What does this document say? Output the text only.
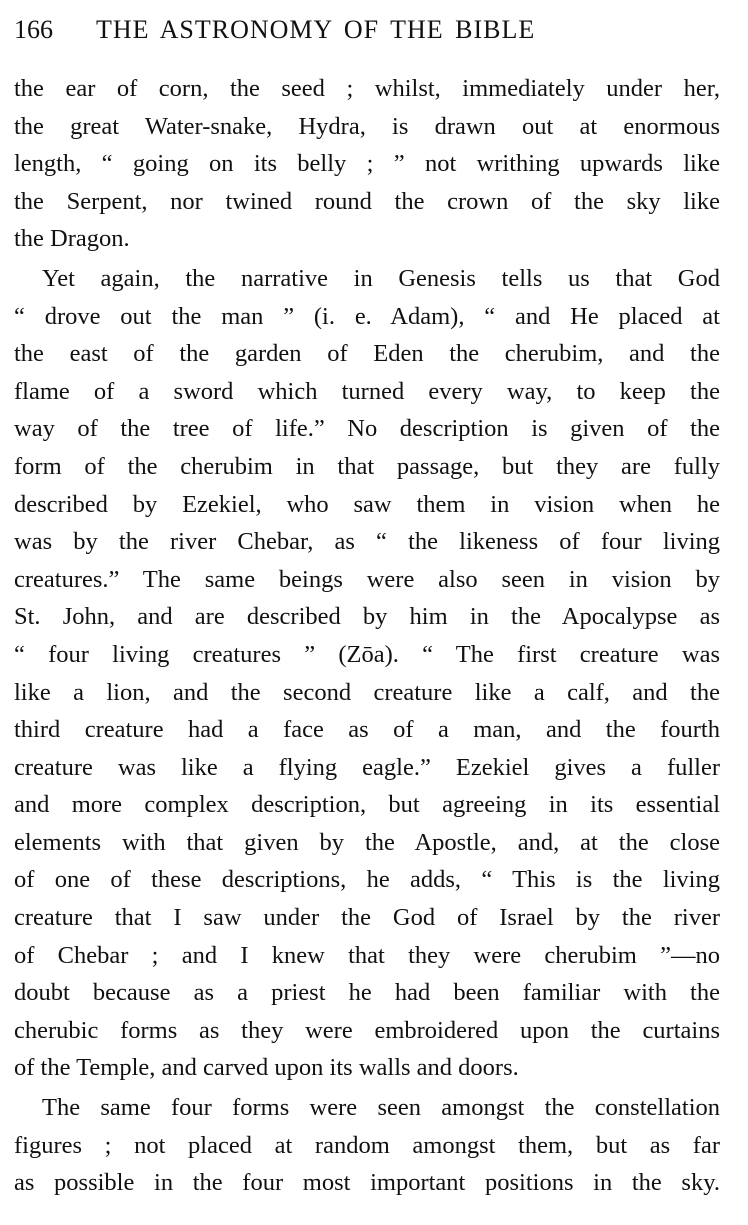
166	THE ASTRONOMY OF THE BIBLE
the ear of corn, the seed ; whilst, immediately under her,
the great Water-snake, Hydra, is drawn out at enormous
length, “ going on its belly ; ” not writhing upwards like
the Serpent, nor twined round the crown of the sky like
the Dragon.
Yet again, the narrative in Genesis tells us that God
“ drove out the man ” (i. e. Adam), “ and He placed at
the east of the garden of Eden the cherubim, and the
flame of a sword which turned every way, to keep the
way of the tree of life.” No description is given of the
form of the cherubim in that passage, but they are fully
described by Ezekiel, who saw them in vision when he
was by the river Chebar, as “ the likeness of four living
creatures.” The same beings were also seen in vision by
St. John, and are described by him in the Apocalypse as
“ four living creatures ” (Zōa). “ The first creature was
like a lion, and the second creature like a calf, and the
third creature had a face as of a man, and the fourth
creature was like a flying eagle.” Ezekiel gives a fuller
and more complex description, but agreeing in its essential
elements with that given by the Apostle, and, at the close
of one of these descriptions, he adds, “ This is the living
creature that I saw under the God of Israel by the river
of Chebar ; and I knew that they were cherubim ”—no
doubt because as a priest he had been familiar with the
cherubic forms as they were embroidered upon the curtains
of the Temple, and carved upon its walls and doors.
The same four forms were seen amongst the constellation
figures ; not placed at random amongst them, but as far
as possible in the four most important positions in the sky.
